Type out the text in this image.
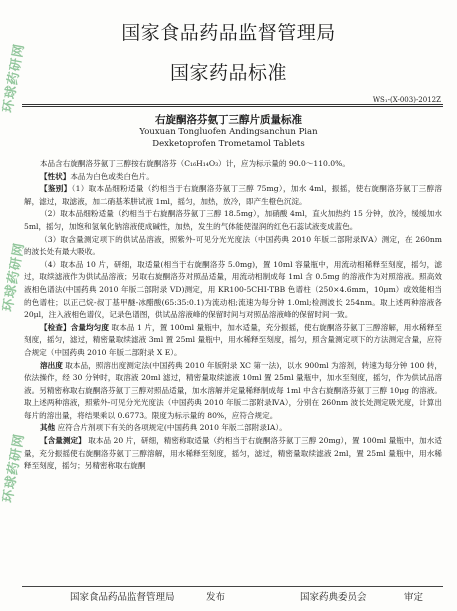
环球药研网
环球药研网
环球药研网
国家食品药品监督管理局
国家药品标准
WS₁-(X-003)-2012Z
右旋酮洛芬氨丁三醇片质量标准
Youxuan Tongluofen Andingsanchun Pian
Dexketoprofen Trometamol Tablets

本品含右旋酮洛芬氨丁三醇按右旋酮洛芬（C₁₆H₁₄O₃）计，应为标示量的 90.0～110.0%。

【性状】本品为白色或类白色片。

【鉴别】（1）取本品细粉适量（约相当于右旋酮洛芬氨丁三醇 75mg），加水 4ml，振摇，使右旋酮洛芬氨丁三醇溶解，滤过，取滤液，加二硝基苯肼试液 1ml，摇匀，加热，放冷，即产生橙色沉淀。

（2）取本品细粉适量（约相当于右旋酮洛芬氨丁三醇 18.5mg），加硝酸 4ml，直火加热约 15 分钟，放冷，缓缓加水 5ml，摇匀，加饱和氢氧化钠溶液使成碱性，加热，发生的气体能使湿润的红色石蕊试液变成蓝色。

（3）取含量测定项下的供试品溶液，照紫外-可见分光光度法（中国药典 2010 年版二部附录ⅣA）测定，在 260nm 的波长处有最大吸收。

（4）取本品 10 片，研细，取适量(相当于右旋酮洛芬 5.0mg)，置 10ml 容量瓶中，用流动相稀释至刻度，摇匀，滤过，取续滤液作为供试品溶液；另取右旋酮洛芬对照品适量，用流动相制成每 1ml 含 0.5mg 的溶液作为对照溶液。照高效液相色谱法(中国药典 2010 年版二部附录 VD)测定，用 KR100-5CHI-TBB 色谱柱（250×4.6mm，10μm）或效能相当的色谱柱；以正己烷-叔丁基甲醚-冰醋酸(65:35:0.1)为流动相;流速为每分钟 1.0ml;检测波长 254nm。取上述两种溶液各 20μl，注入液相色谱仪，记录色谱图，供试品溶液峰的保留时间与对照品溶液峰的保留时间一致。

【检查】含量均匀度 取本品 1 片，置 100ml 量瓶中，加水适量，充分振摇，使右旋酮洛芬氨丁三醇溶解，用水稀释至刻度，摇匀，滤过，精密量取续滤液 3ml 置 25ml 量瓶中，用水稀释至刻度，摇匀，照含量测定项下的方法测定含量，应符合规定（中国药典 2010 年版二部附录 X E）。

溶出度 取本品，照溶出度测定法(中国药典 2010 年版附录 XC 第一法)，以水 900ml 为溶剂，转速为每分钟 100 转，依法操作，经 30 分钟时，取溶液 20ml 滤过，精密量取续滤液 10ml 置 25ml 量瓶中，加水至刻度，摇匀，作为供试品溶液。另精密称取右旋酮洛芬氨丁三醇对照品适量，加水溶解并定量稀释制成每 1ml 中含右旋酮洛芬氨丁三醇 10μg 的溶液。取上述两种溶液，照紫外-可见分光光度法（中国药典 2010 年版二部附录ⅣA），分别在 260nm 波长处测定吸光度，计算出每片的溶出量，将结果乘以 0.6773。限度为标示量的 80%，应符合规定。

其他 应符合片剂项下有关的各项规定(中国药典 2010 年版二部附录ⅠA）。

【含量测定】 取本品 20 片，研细，精密称取适量（约相当于右旋酮洛芬氨丁三醇 20mg），置 100ml 量瓶中，加水适量，充分振摇使右旋酮洛芬氨丁三醇溶解，用水稀释至刻度，摇匀，滤过，精密量取续滤液 2ml，置 25ml 量瓶中，用水稀释至刻度，摇匀；另精密称取右旋酮

国家食品药品监督管理局	发布	国家药典委员会	审定
